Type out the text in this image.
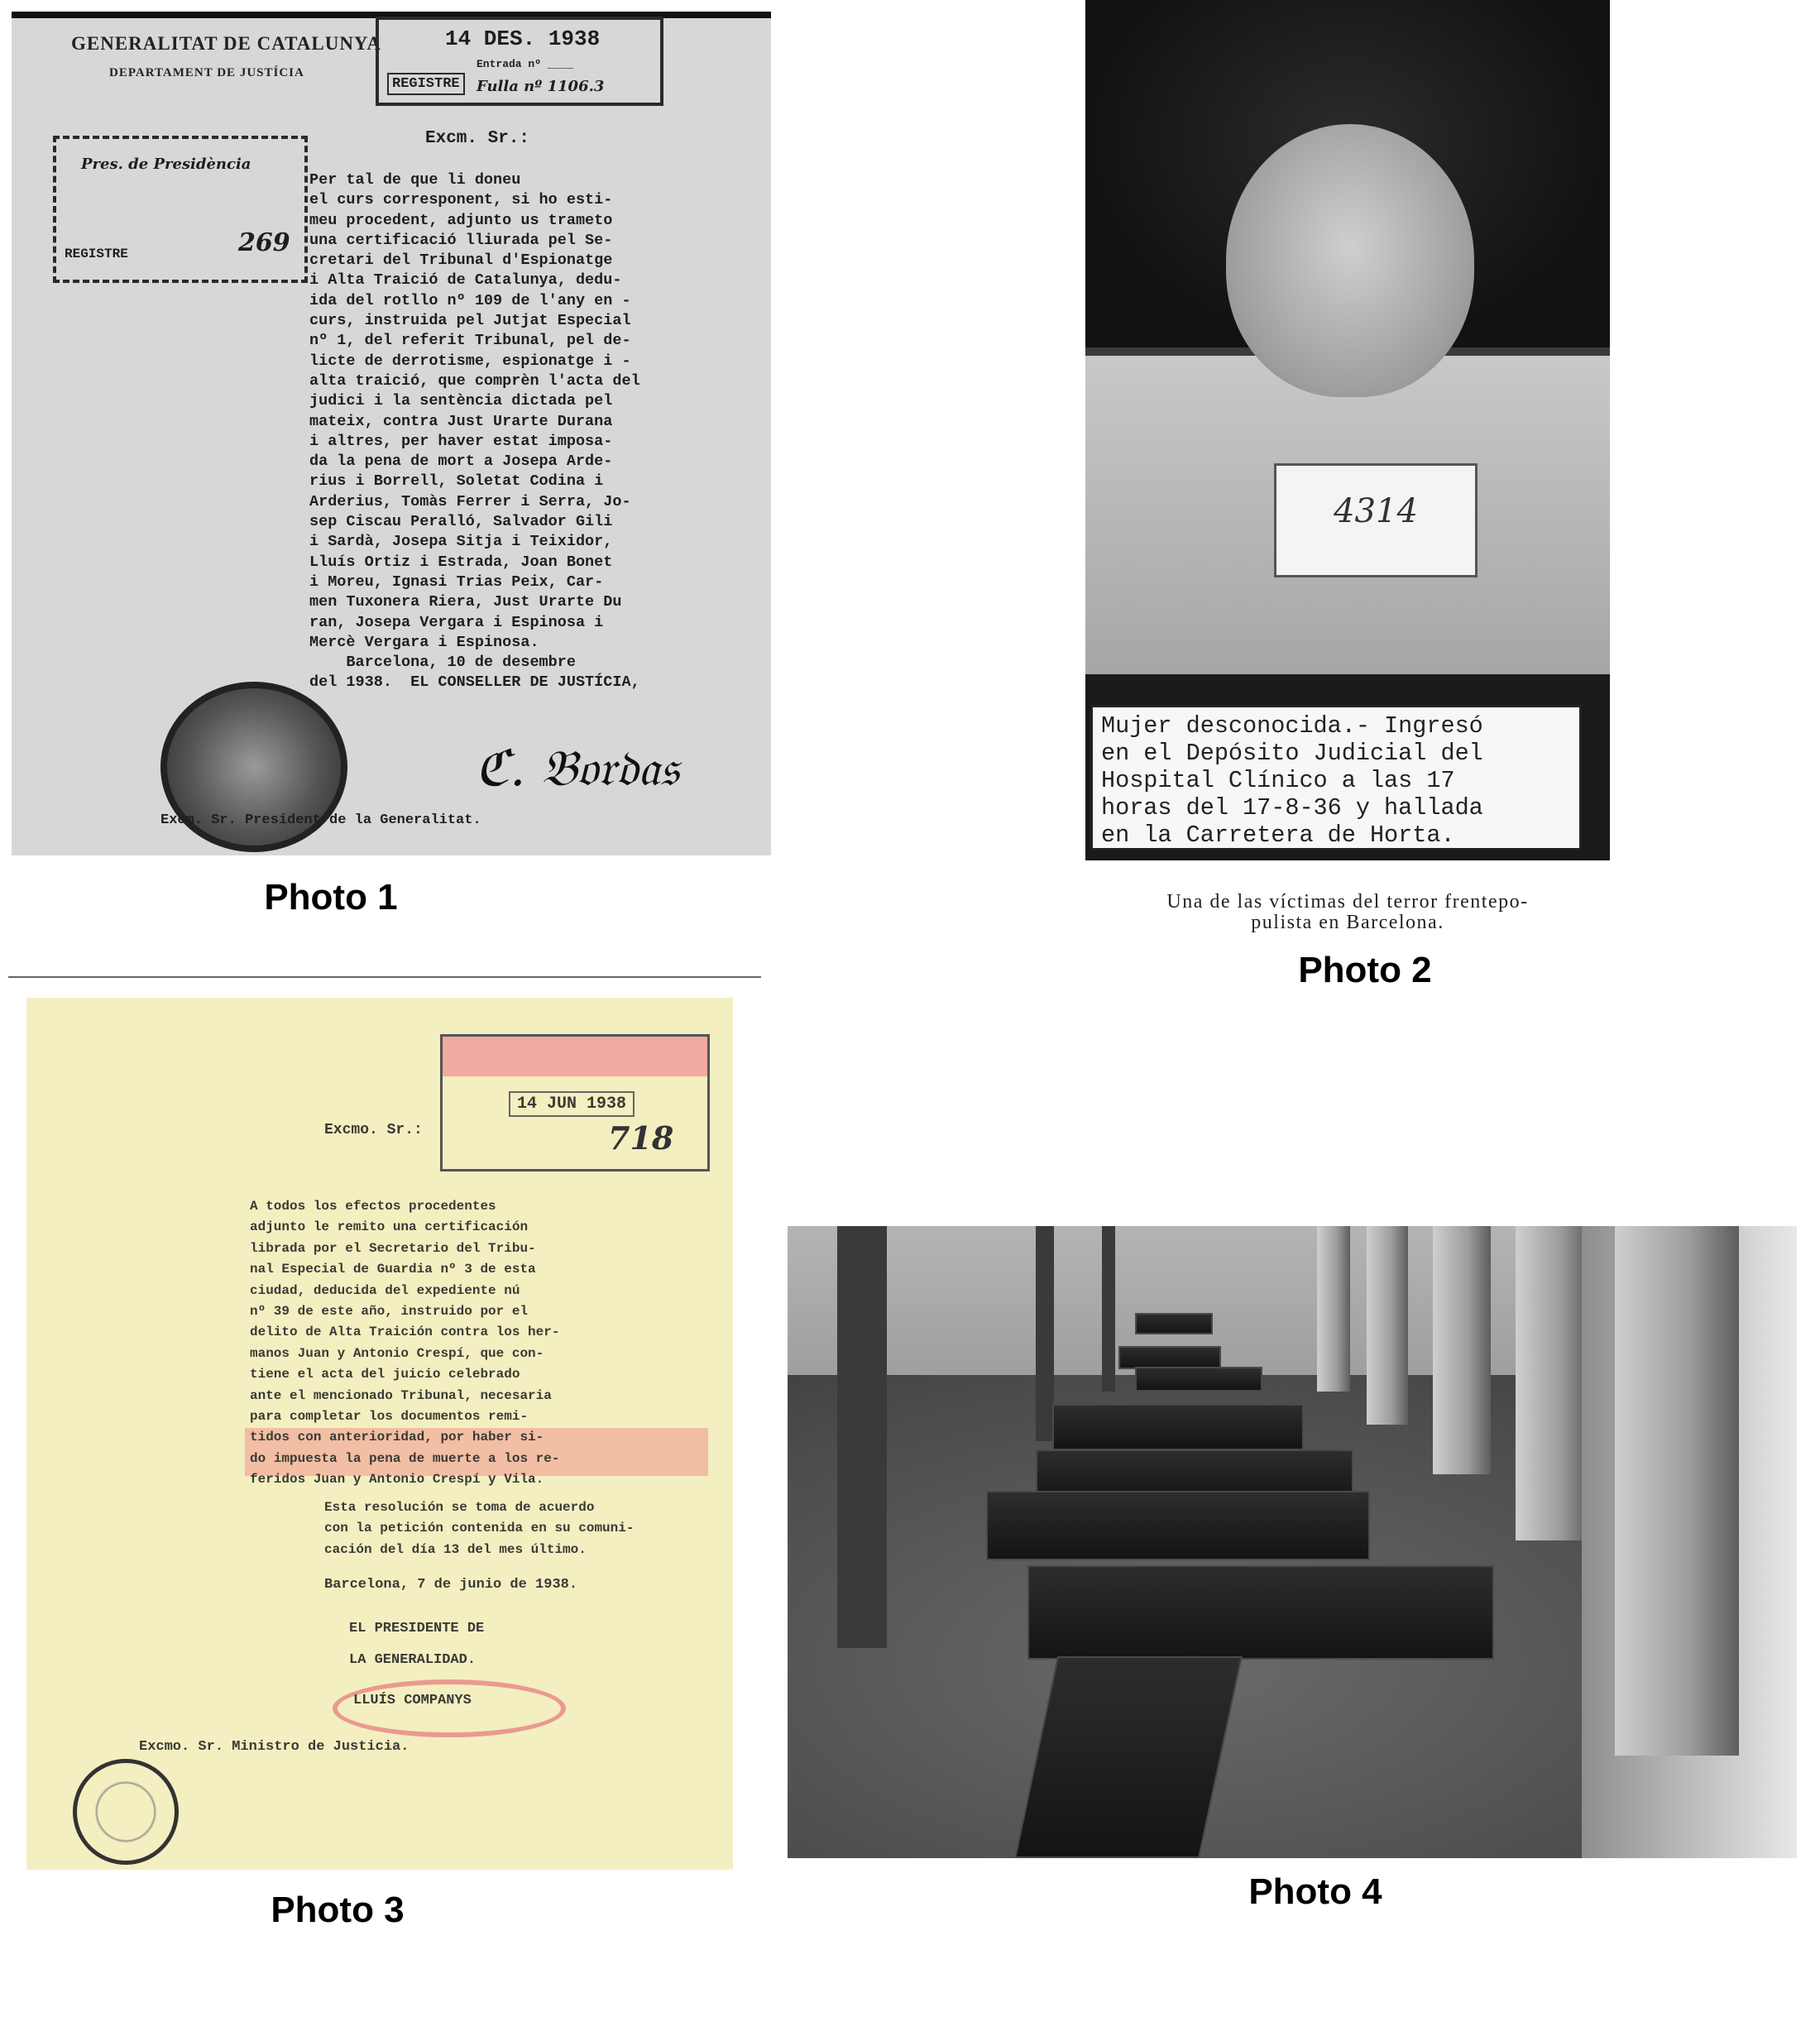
GENERALITAT DE CATALUNYA
DEPARTAMENT DE JUSTÍCIA
14 DES. 1938
REGISTRE
Entrada nº ____
Fulla nº 1106.3
Pres. de Presidència
REGISTRE	269
Excm. Sr.:
Per tal de que li doneu
el curs corresponent, si ho esti-
meu procedent, adjunto us trameto
una certificació lliurada pel Se-
cretari del Tribunal d'Espionatge
i Alta Traició de Catalunya, dedu-
ida del rotllo nº 109 de l'any en -
curs, instruida pel Jutjat Especial
nº 1, del referit Tribunal, pel de-
licte de derrotisme, espionatge i -
alta traició, que comprèn l'acta del
judici i la sentència dictada pel
mateix, contra Just Urarte Durana
i altres, per haver estat imposa-
da la pena de mort a Josepa Arde-
rius i Borrell, Soletat Codina i
Arderius, Tomàs Ferrer i Serra, Jo-
sep Ciscau Peralló, Salvador Gili
i Sardà, Josepa Sitja i Teixidor,
Lluís Ortiz i Estrada, Joan Bonet
i Moreu, Ignasi Trias Peix, Car-
men Tuxonera Riera, Just Urarte Du
ran, Josepa Vergara i Espinosa i
Mercè Vergara i Espinosa.
Barcelona, 10 de desembre
del 1938.  EL CONSELLER DE JUSTÍCIA,
ℭ. 𝔅𝔬𝔯𝔡𝔞𝔰
Excm. Sr. President de la Generalitat.
Photo 1
4314
Mujer desconocida.- Ingresó
en el Depósito Judicial del
Hospital Clínico a las 17
horas del 17-8-36 y hallada
en la Carretera de Horta.
Una de las víctimas del terror frentepo-
pulista en Barcelona.
Photo 2
14 JUN 1938
718
Excmo. Sr.:
A todos los efectos procedentes
adjunto le remito una certificación
librada por el Secretario del Tribu-
nal Especial de Guardia nº 3 de esta
ciudad, deducida del expediente nú
nº 39 de este año, instruido por el
delito de Alta Traición contra los her-
manos Juan y Antonio Crespí, que con-
tiene el acta del juicio celebrado
ante el mencionado Tribunal, necesaria
para completar los documentos remi-
tidos con anterioridad, por haber si-
do impuesta la pena de muerte a los re-
feridos Juan y Antonio Crespí y Vila.
Esta resolución se toma de acuerdo
con la petición contenida en su comuni-
cación del día 13 del mes último.
Barcelona, 7 de junio de 1938.
EL PRESIDENTE DE
LA GENERALIDAD.
LLUÍS COMPANYS
Excmo. Sr. Ministro de Justicia.
Photo 3	Photo 4
